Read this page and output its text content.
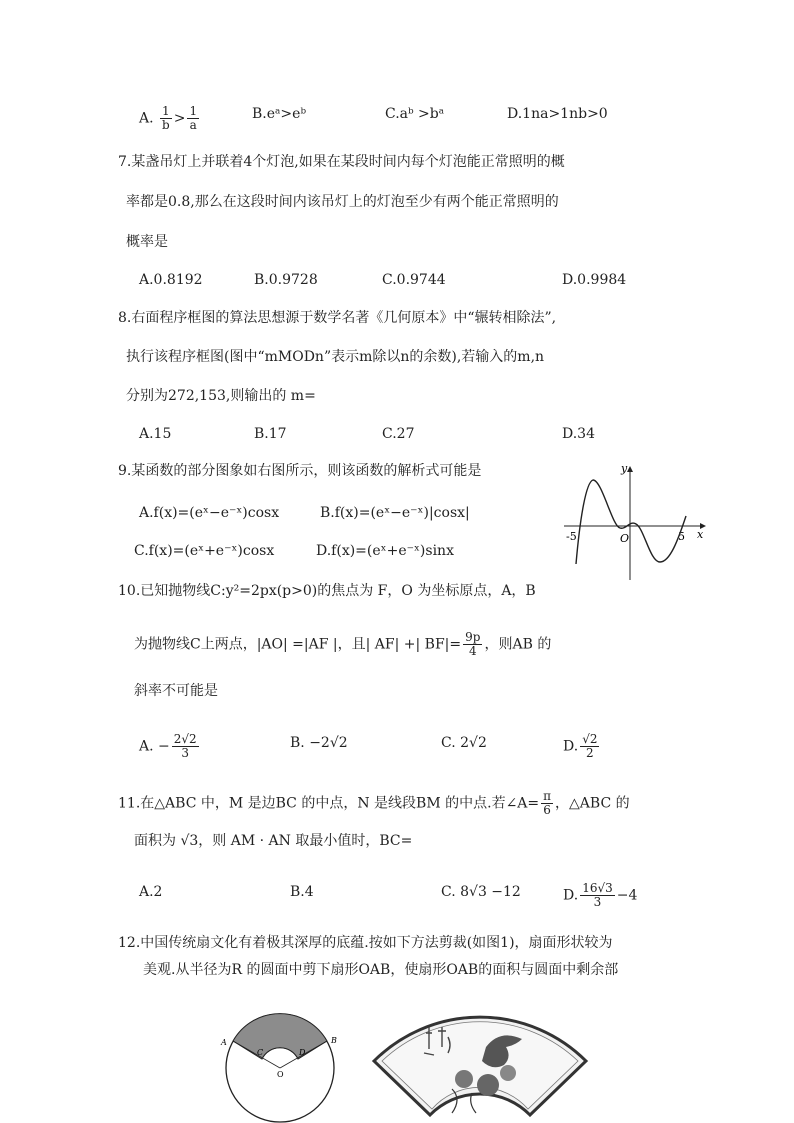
A. $\frac{1}{b} > \frac{1}{a}$	B.eᵃ>eᵇ	C.aᵇ >bᵃ	D.1na>1nb>0
7.某盏吊灯上并联着4个灯泡,如果在某段时间内每个灯泡能正常照明的概
率都是0.8,那么在这段时间内该吊灯上的灯泡至少有两个能正常照明的
概率是
A.0.8192	B.0.9728	C.0.9744	D.0.9984
8.右面程序框图的算法思想源于数学名著《几何原本》中“辗转相除法”,
执行该程序框图(图中“mMODn”表示m除以n的余数),若输入的m,n
分别为272,153,则输出的 m=
A.15	B.17	C.27	D.34
9.某函数的部分图象如右图所示，则该函数的解析式可能是
A.f(x)=(eˣ−e⁻ˣ)cosx	B.f(x)=(eˣ−e⁻ˣ)|cosx|
C.f(x)=(eˣ+e⁻ˣ)cosx	D.f(x)=(eˣ+e⁻ˣ)sinx
y
x
O
-5	5
10.已知抛物线C:y²=2px(p>0)的焦点为 F，O 为坐标原点，A，B
为抛物线C上两点，|AO| =|AF |，且| AF| +| $BF|= \frac{9p}{4}$ ，则AB 的
斜率不可能是
A. − $\frac{2√2}{3}$	B. −2√2	C. 2√2	D. $\frac{√2}{2}$
11.在△ABC 中，M 是边BC 的中点，N 是线段BM 的中点.若∠A= $\frac{\pi}{6}$ ，△ABC 的
面积为 √3，则 AM · AN 取最小值时，BC=
A.2	B.4	C. 8√3 −12	D. $\frac{16√3}{3} -4$
12.中国传统扇文化有着极其深厚的底蕴.按如下方法剪裁(如图1)，扇面形状较为
美观.从半径为R 的圆面中剪下扇形OAB，使扇形OAB的面积与圆面中剩余部
A	B
C	D
O
